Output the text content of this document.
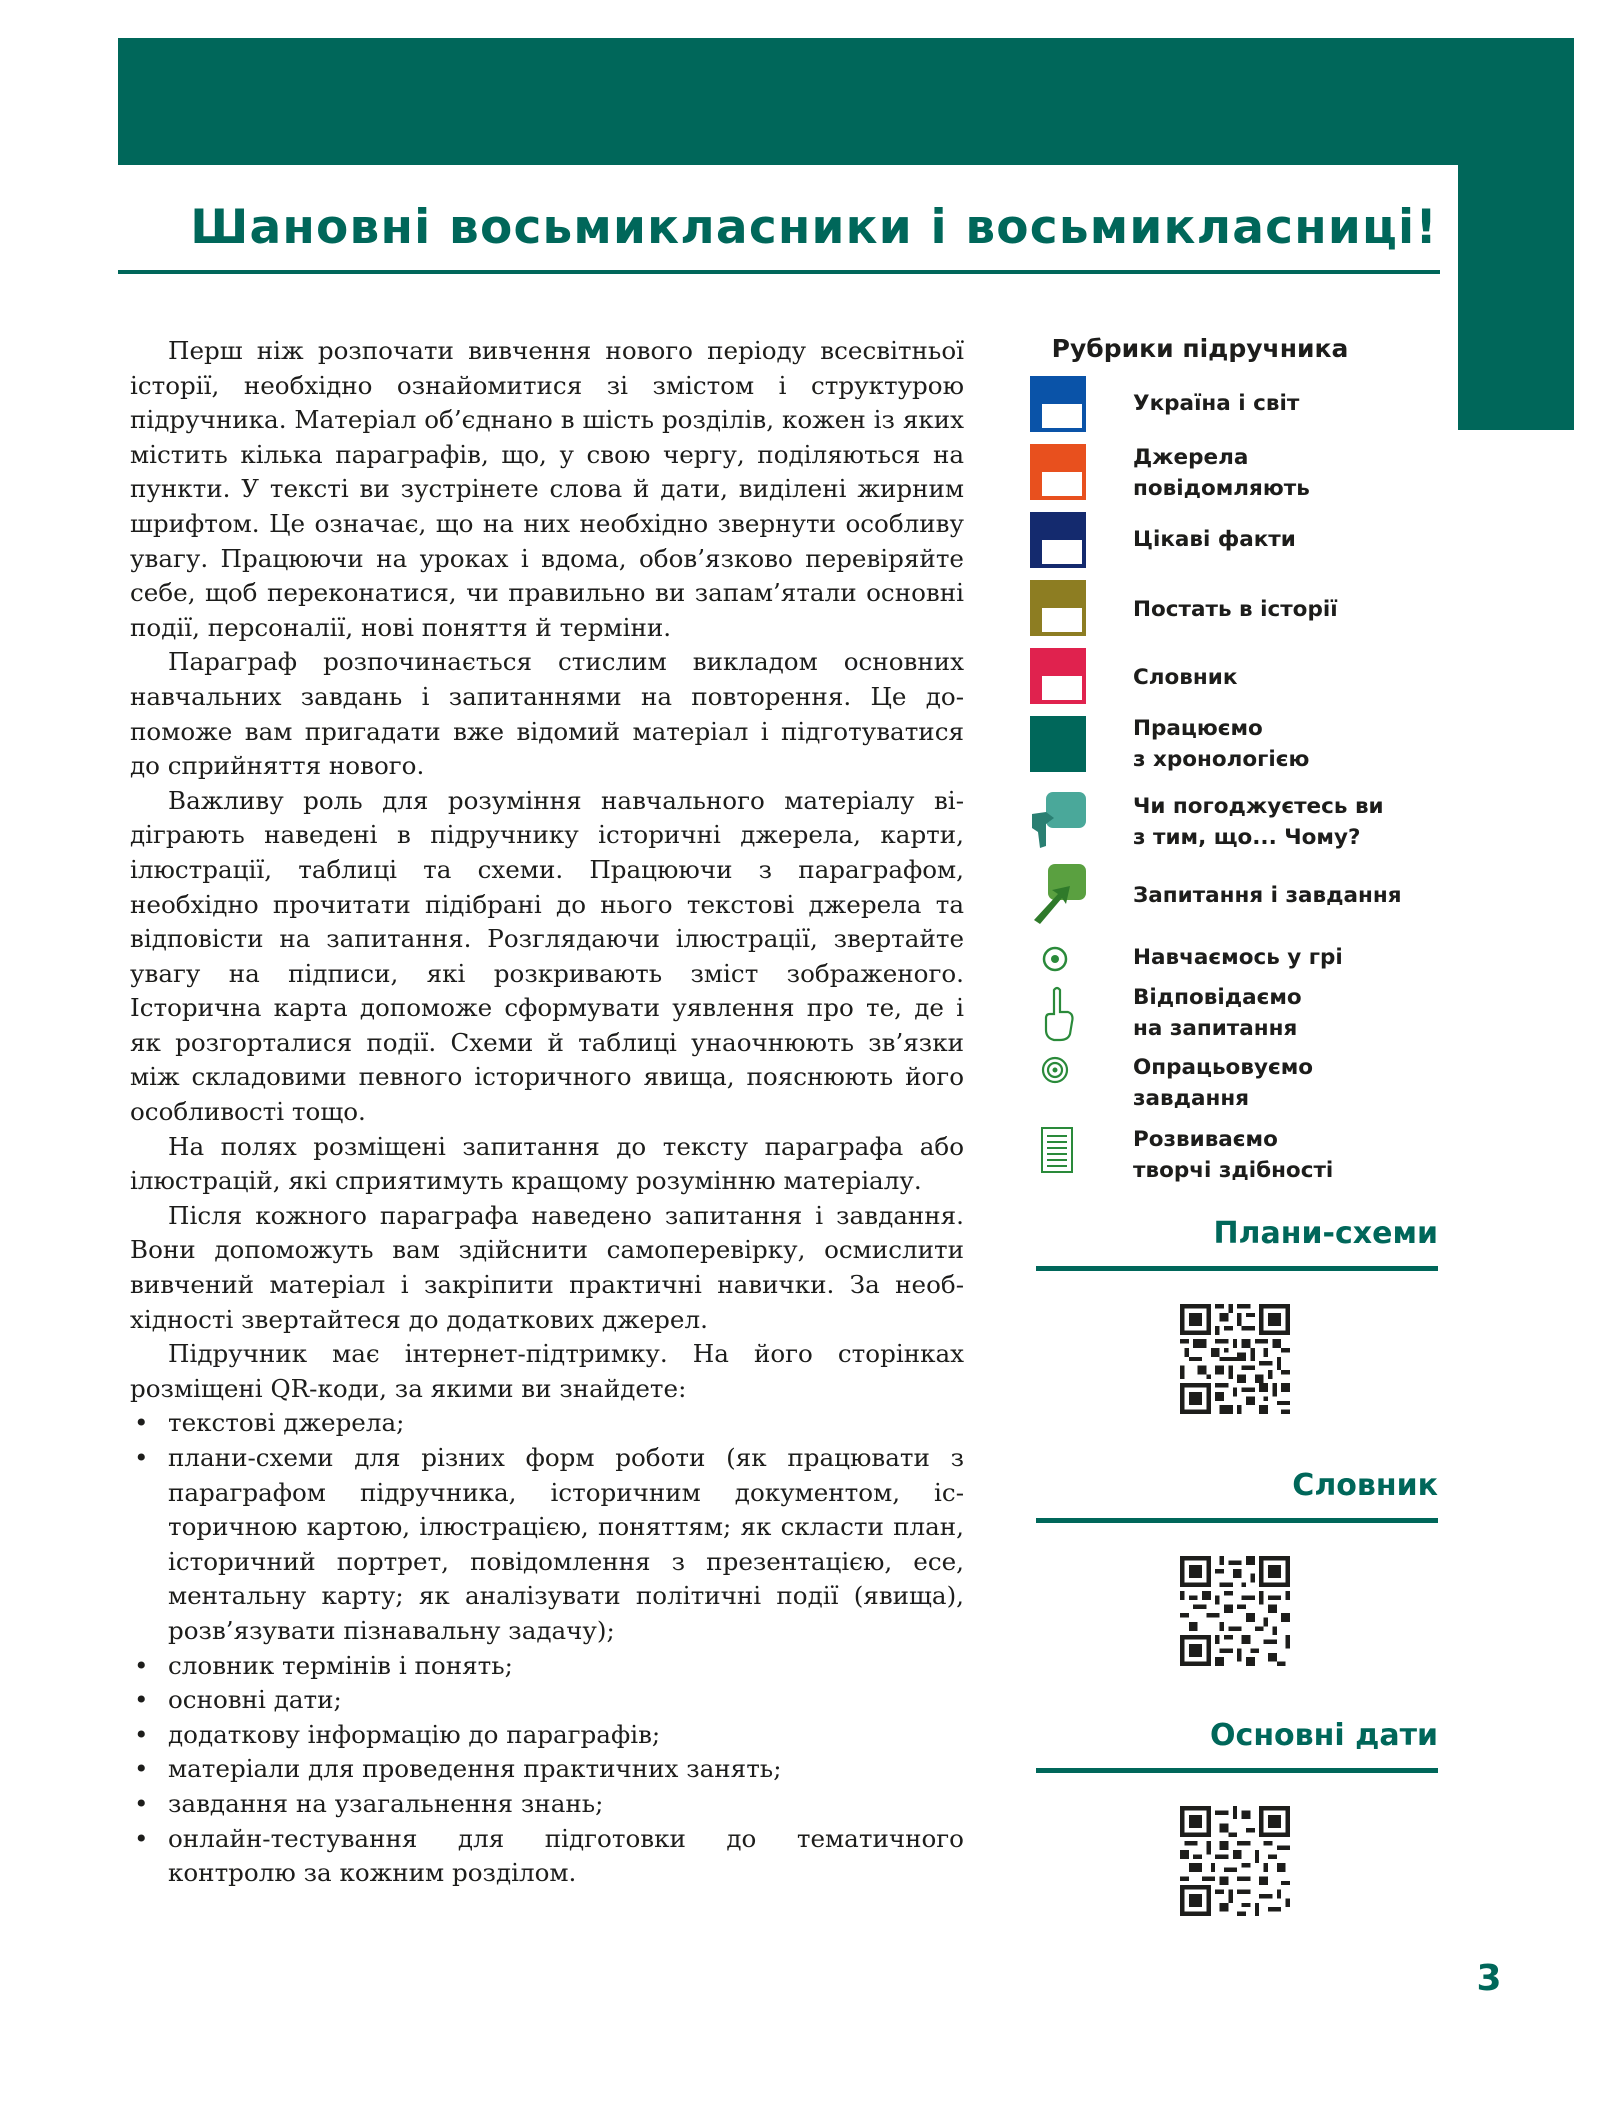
Шановні восьмикласники і восьмикласниці!

Перш ніж розпочати вивчення нового періоду всесвітньої історії, необхідно ознайомитися зі змістом і структурою підручника. Матеріал об’єднано в шість розділів, кожен із яких містить кілька параграфів, що, у свою чергу, поділяються на пункти. У тексті ви зустрінете слова й дати, виділені жирним шрифтом. Це означає, що на них необхідно звернути особливу увагу. Працюючи на уроках і вдома, обов’язково перевіряйте себе, щоб переконатися, чи правильно ви запам’ятали основні події, персоналії, нові поняття й терміни.

Параграф розпочинається стислим викладом основних навчальних завдань і запитаннями на повторення. Це допоможе вам пригадати вже відомий матеріал і підготуватися до сприйняття нового.

Важливу роль для розуміння навчального матеріалу відіграють наведені в підручнику історичні джерела, карти, ілюстрації, таблиці та схеми. Працюючи з параграфом, необхідно прочитати підібрані до нього текстові джерела та відповісти на запитання. Розглядаючи ілюстрації, звертайте увагу на підписи, які розкривають зміст зображеного. Історична карта допоможе сформувати уявлення про те, де і як розгорталися події. Схеми й таблиці унаочнюють зв’язки між складовими певного історичного явища, пояснюють його особливості тощо.

На полях розміщені запитання до тексту параграфа або ілюстрацій, які сприятимуть кращому розумінню матеріалу.

Після кожного параграфа наведено запитання і завдання. Вони допоможуть вам здійснити самоперевірку, осмислити вивчений матеріал і закріпити практичні навички. За необхідності звертайтеся до додаткових джерел.

Підручник має інтернет-підтримку. На його сторінках розміщені QR-коди, за якими ви знайдете:

• текстові джерела;
• плани-схеми для різних форм роботи (як працювати з параграфом підручника, історичним документом, історичною картою, ілюстрацією, поняттям; як скласти план, історичний портрет, повідомлення з презентацією, есе, ментальну карту; як аналізувати політичні події (явища), розв’язувати пізнавальну задачу);
• словник термінів і понять;
• основні дати;
• додаткову інформацію до параграфів;
• матеріали для проведення практичних занять;
• завдання на узагальнення знань;
• онлайн-тестування для підготовки до тематичного контролю за кожним розділом.
Рубрики підручника
Україна і світ
Джерела
повідомляють
Цікаві факти
Постать в історії
Словник
Працюємо
з хронологією
Чи погоджуєтесь ви
з тим, що... Чому?
Запитання і завдання
Навчаємось у грі
Відповідаємо
на запитання
Опрацьовуємо
завдання
Розвиваємо
творчі здібності
Плани-схеми
Словник
Основні дати
3
